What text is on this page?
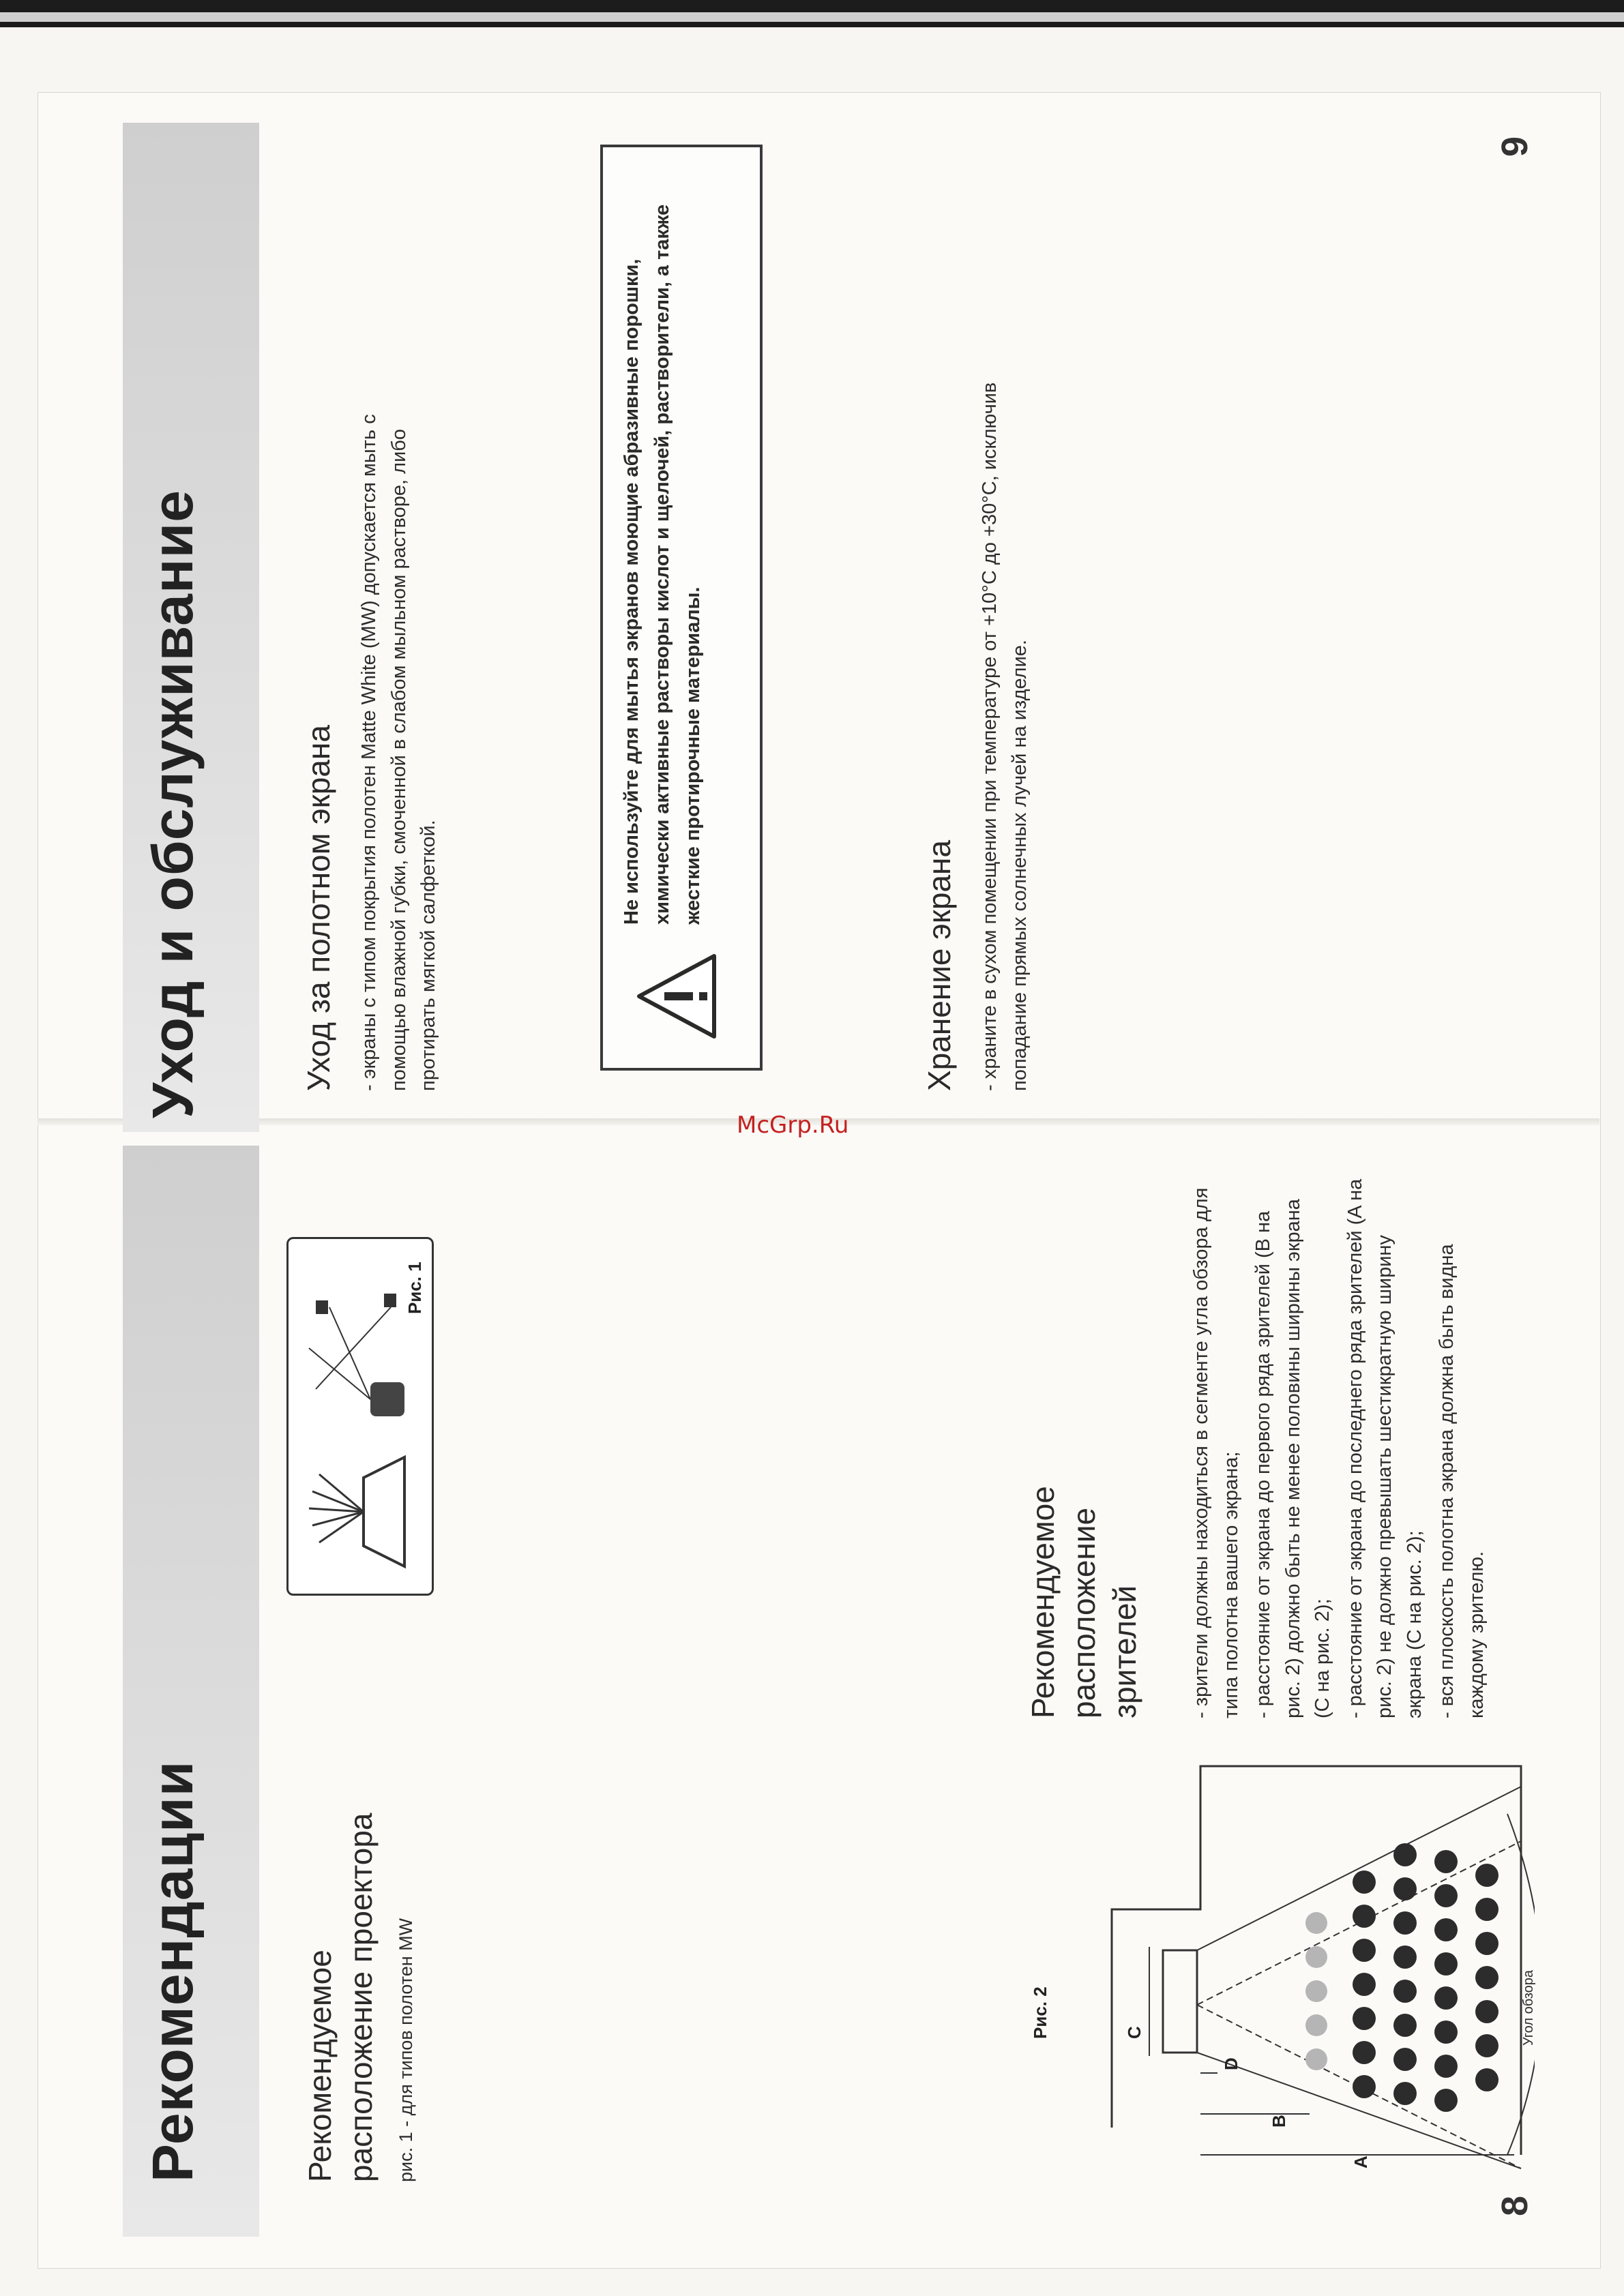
Уход и обслуживание	Уход за полотном экрана - экраны с типом покрытия полотен Matte White (MW) допускается мыть с помощью влажной губки, смоченной в слабом мыльном растворе, либо протирать мягкой салфеткой.
Не используйте для мытья экранов моющие абразивные порошки, химически активные растворы кислот и щелочей, растворители, а также жесткие протирочные материалы.
Хранение экрана - храните в сухом помещении при температуре от +10°C до +30°C, исключив попадание прямых солнечных лучей на изделие.
9
McGrp.Ru
Рекомендации	Рекомендуемое расположение проектора рис. 1 - для типов полотен MW
Рис. 1
Рекомендуемое расположение зрителей - зрители должны находиться в сегменте угла обзора для типа полотна вашего экрана; - расстояние от экрана до первого ряда зрителей (B на рис. 2) должно быть не менее половины ширины экрана (C на рис. 2); - расстояние от экрана до последнего ряда зрителей (A на рис. 2) не должно превышать шестикратную ширину экрана (C на рис. 2); - вся плоскость полотна экрана должна быть видна каждому зрителю.

C
D
B
A
Угол обзора
Рис. 2
8
